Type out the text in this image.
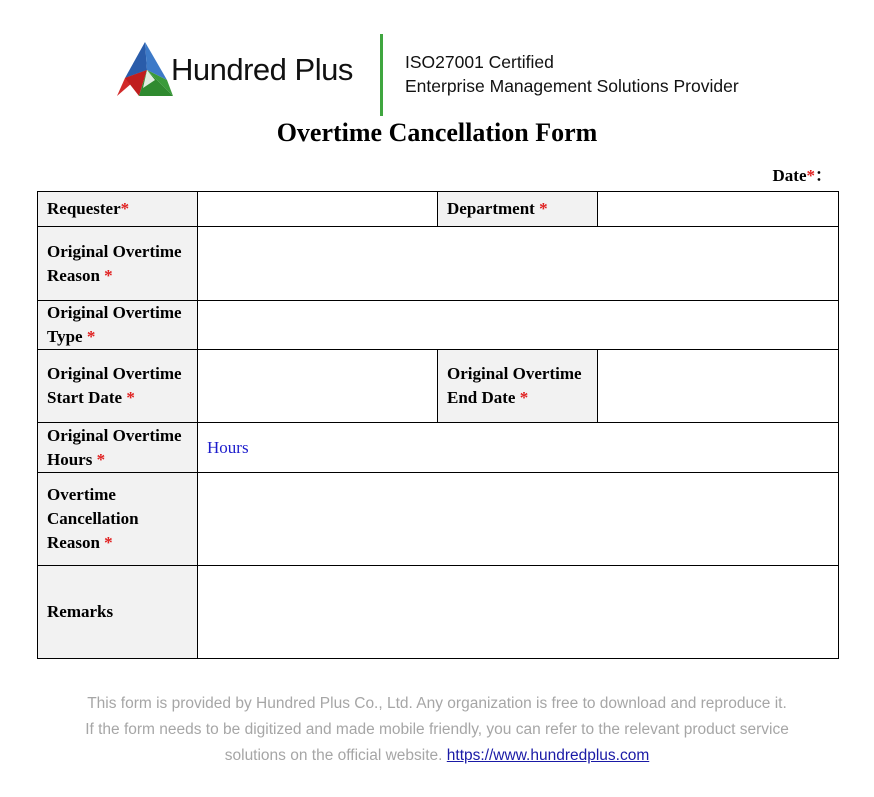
Hundred Plus	ISO27001 Certified
Enterprise Management Solutions Provider
Overtime Cancellation Form
Date*：
Requester*		Department *	
Original Overtime Reason *			
Original Overtime Type *			
Original Overtime Start Date *		Original Overtime End Date *	
Original Overtime Hours *	Hours		
Overtime Cancellation Reason *			
Remarks			
This form is provided by Hundred Plus Co., Ltd. Any organization is free to download and reproduce it.
If the form needs to be digitized and made mobile friendly, you can refer to the relevant product service
solutions on the official website. https://www.hundredplus.com
